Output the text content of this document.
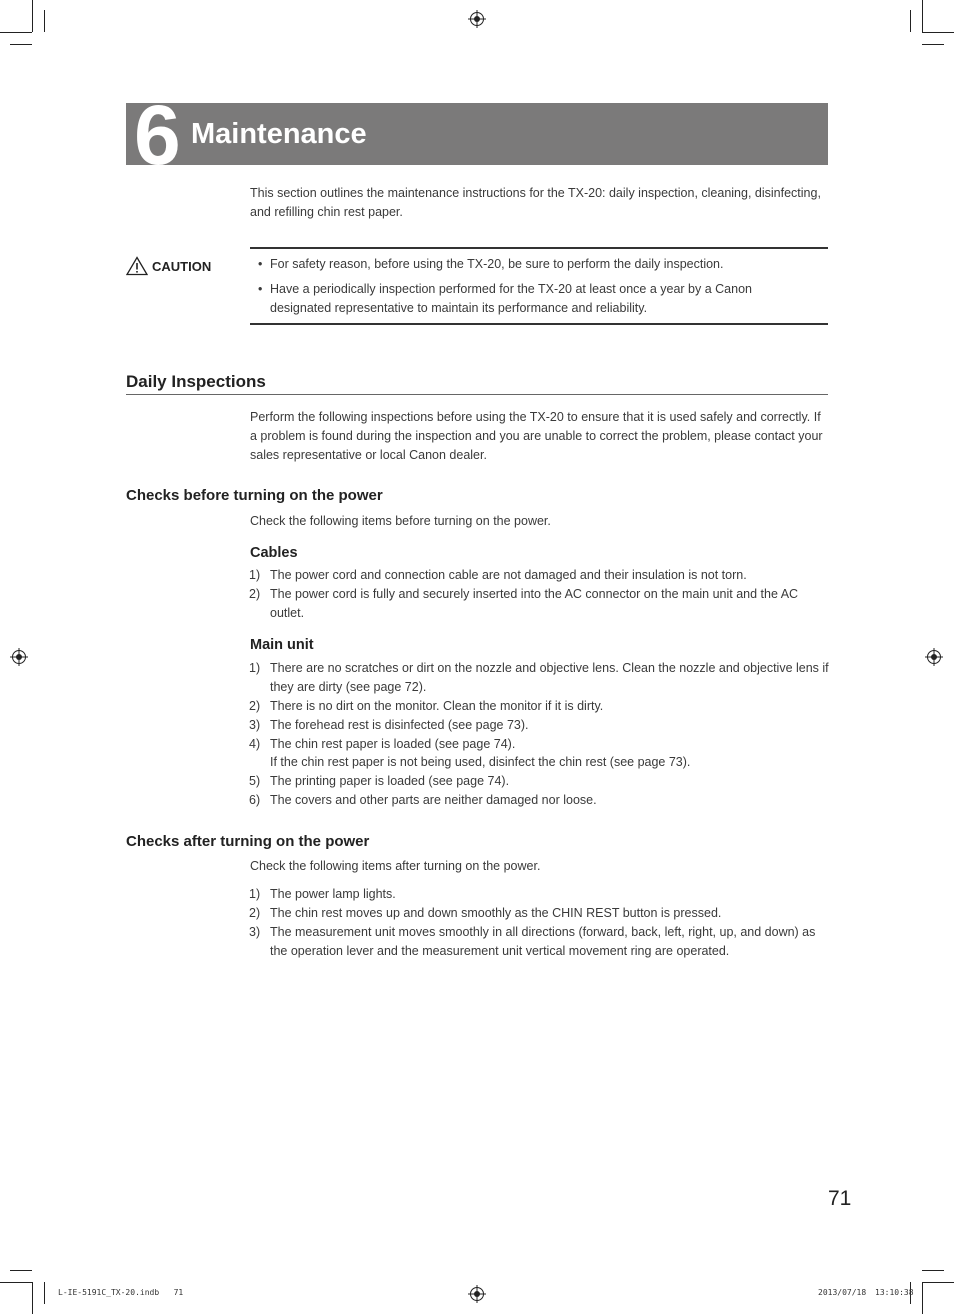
6 Maintenance
This section outlines the maintenance instructions for the TX-20: daily inspection, cleaning, disinfecting, and refilling chin rest paper.
CAUTION	• For safety reason, before using the TX-20, be sure to perform the daily inspection.
• Have a periodically inspection performed for the TX-20 at least once a year by a Canon designated representative to maintain its performance and reliability.
Daily Inspections
Perform the following inspections before using the TX-20 to ensure that it is used safely and correctly. If a problem is found during the inspection and you are unable to correct the problem, please contact your sales representative or local Canon dealer.
Checks before turning on the power
Check the following items before turning on the power.
Cables
1) The power cord and connection cable are not damaged and their insulation is not torn.
2) The power cord is fully and securely inserted into the AC connector on the main unit and the AC outlet.
Main unit
1) There are no scratches or dirt on the nozzle and objective lens. Clean the nozzle and objective lens if they are dirty (see page 72).
2) There is no dirt on the monitor. Clean the monitor if it is dirty.
3) The forehead rest is disinfected (see page 73).
4) The chin rest paper is loaded (see page 74).
If the chin rest paper is not being used, disinfect the chin rest (see page 73).
5) The printing paper is loaded (see page 74).
6) The covers and other parts are neither damaged nor loose.
Checks after turning on the power
Check the following items after turning on the power.
1) The power lamp lights.
2) The chin rest moves up and down smoothly as the CHIN REST button is pressed.
3) The measurement unit moves smoothly in all directions (forward, back, left, right, up, and down) as the operation lever and the measurement unit vertical movement ring are operated.
71
L-IE-5191C_TX-20.indb   71	2013/07/18 13:10:38
